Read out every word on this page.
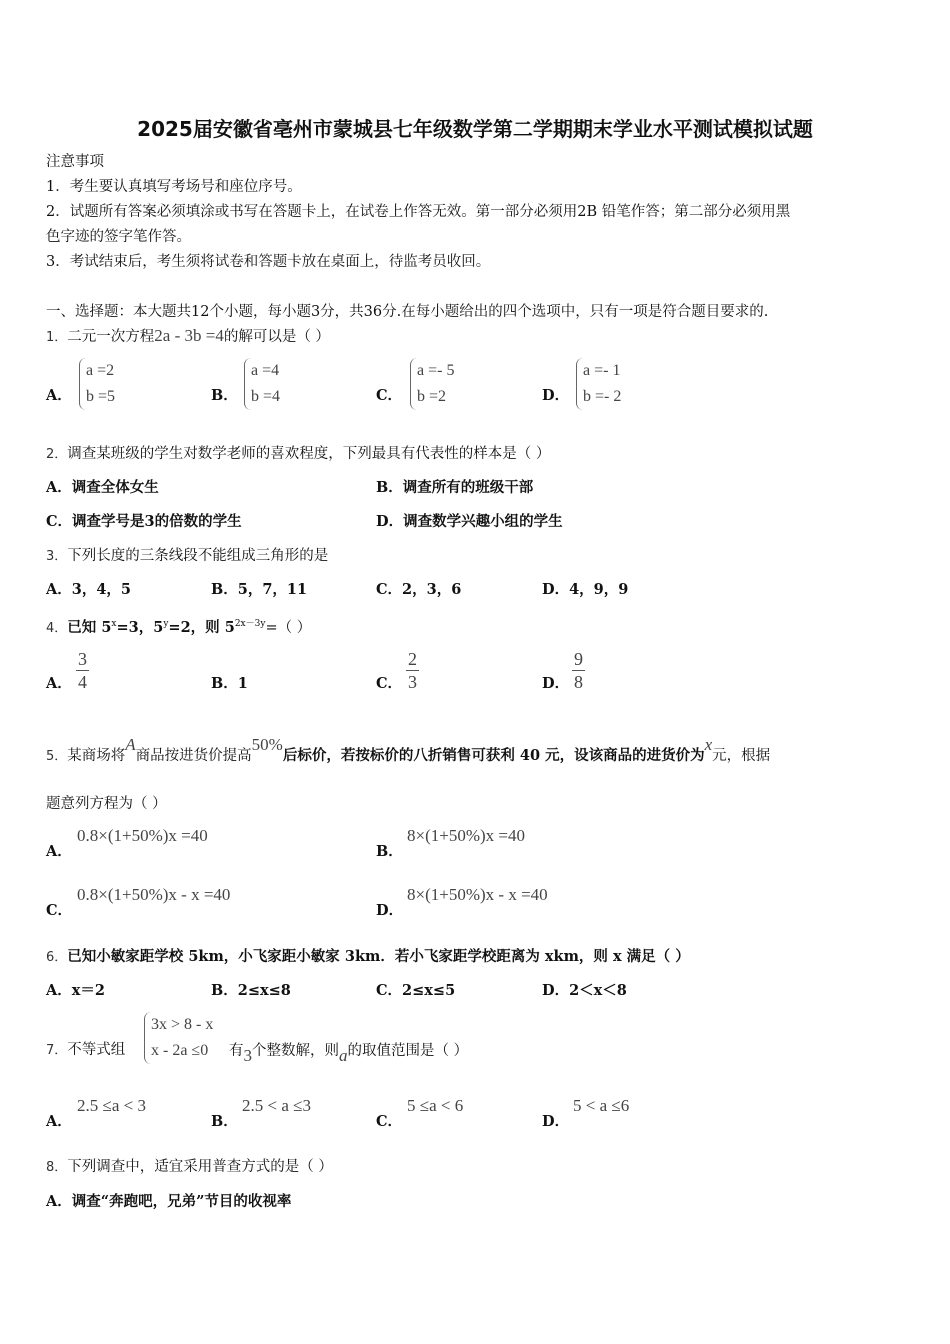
2025届安徽省亳州市蒙城县七年级数学第二学期期末学业水平测试模拟试题
注意事项
1．考生要认真填写考场号和座位序号。
2．试题所有答案必须填涂或书写在答题卡上，在试卷上作答无效。第一部分必须用2B 铅笔作答；第二部分必须用黑
色字迹的签字笔作答。
3．考试结束后，考生须将试卷和答题卡放在桌面上，待监考员收回。
一、选择题：本大题共12个小题，每小题3分，共36分.在每小题给出的四个选项中，只有一项是符合题目要求的.
1．二元一次方程2a - 3b =4的解可以是（ ）
A．
a =2
b =5	B．
a =4
b =4	C．
a =- 5
b =2	D．
a =- 1
b =- 2
2．调查某班级的学生对数学老师的喜欢程度，下列最具有代表性的样本是（ ）
A．调查全体女生	B．调查所有的班级干部
C．调查学号是3的倍数的学生	D．调查数学兴趣小组的学生
3．下列长度的三条线段不能组成三角形的是
A．3，4，5	B．5，7，11	C．2，3，6	D．4，9，9
4．已知 $5^x=3$，$5^y=2$，则 $5^{2x-3y}=$（ ）
A． $\frac{3}{4}$	B．1	C． $\frac{2}{3}$	D． $\frac{9}{8}$
5．某商场将A商品按进货价提高50%后标价，若按标价的八折销售可获利 40 元，设该商品的进货价为x元，根据
题意列方程为（ ）
A．
0.8×(1+50%)x =40
B．
8×(1+50%)x =40
C．
0.8×(1+50%)x - x =40
D．
8×(1+50%)x - x =40
6．已知小敏家距学校 5km，小飞家距小敏家 3km．若小飞家距学校距离为 xkm，则 x 满足（ ）
A．x＝2	B．2≤x≤8	C．2≤x≤5	D．2＜x＜8
7．不等式组
3x > 8 - x
x - 2a ≤0	有3个整数解，则a的取值范围是（ ）
A．
2.5 ≤a < 3
B．
2.5 < a ≤3
C．
5 ≤a < 6
D．
5 < a ≤6
8．下列调查中，适宜采用普查方式的是（ ）
A．调查“奔跑吧，兄弟”节目的收视率
